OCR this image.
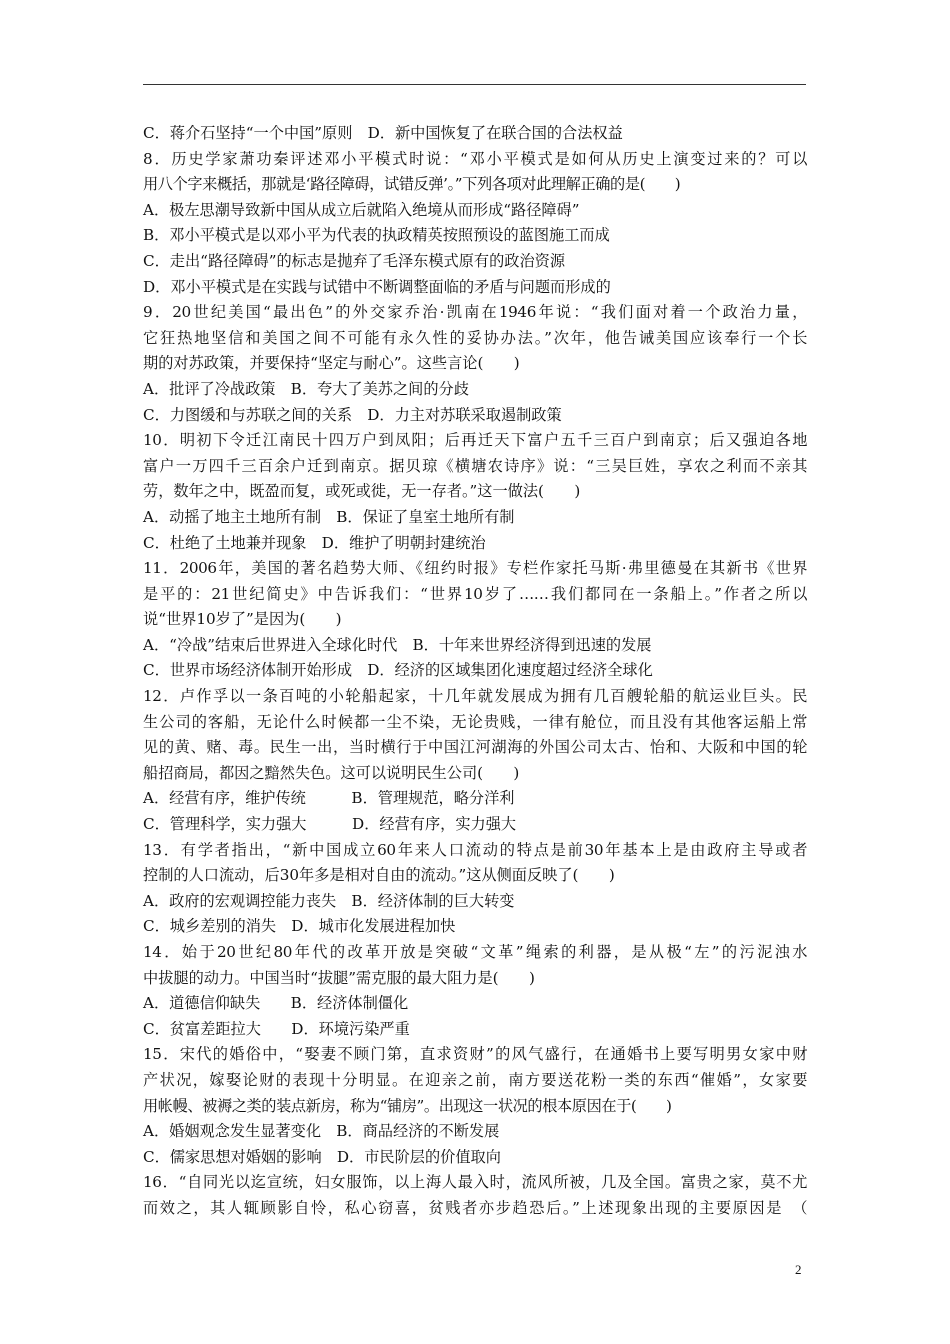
C．蒋介石坚持“一个中国”原则　D．新中国恢复了在联合国的合法权益
8．历史学家萧功秦评述邓小平模式时说：“邓小平模式是如何从历史上演变过来的？可以
用八个字来概括，那就是‘路径障碍，试错反弹’。”下列各项对此理解正确的是(　　)
A．极左思潮导致新中国从成立后就陷入绝境从而形成“路径障碍”
B．邓小平模式是以邓小平为代表的执政精英按照预设的蓝图施工而成
C．走出“路径障碍”的标志是抛弃了毛泽东模式原有的政治资源
D．邓小平模式是在实践与试错中不断调整面临的矛盾与问题而形成的
9．20世纪美国“最出色”的外交家乔治·凯南在1946年说：“我们面对着一个政治力量，
它狂热地坚信和美国之间不可能有永久性的妥协办法。”次年，他告诫美国应该奉行一个长
期的对苏政策，并要保持“坚定与耐心”。这些言论(　　)
A．批评了冷战政策　B．夸大了美苏之间的分歧
C．力图缓和与苏联之间的关系　D．力主对苏联采取遏制政策
10．明初下令迁江南民十四万户到凤阳；后再迁天下富户五千三百户到南京；后又强迫各地
富户一万四千三百余户迁到南京。据贝琼《横塘农诗序》说：“三吴巨姓，享农之利而不亲其
劳，数年之中，既盈而复，或死或徙，无一存者。”这一做法(　　)
A．动摇了地主土地所有制　B．保证了皇室土地所有制
C．杜绝了土地兼并现象　D．维护了明朝封建统治
11．2006年，美国的著名趋势大师、《纽约时报》专栏作家托马斯·弗里德曼在其新书《世界
是平的：21世纪简史》中告诉我们：“世界10岁了……我们都同在一条船上。”作者之所以
说“世界10岁了”是因为(　　)
A．“冷战”结束后世界进入全球化时代　B．十年来世界经济得到迅速的发展
C．世界市场经济体制开始形成　D．经济的区域集团化速度超过经济全球化
12．卢作孚以一条百吨的小轮船起家，十几年就发展成为拥有几百艘轮船的航运业巨头。民
生公司的客船，无论什么时候都一尘不染，无论贵贱，一律有舱位，而且没有其他客运船上常
见的黄、赌、毒。民生一出，当时横行于中国江河湖海的外国公司太古、怡和、大阪和中国的轮
船招商局，都因之黯然失色。这可以说明民生公司(　　)
A．经营有序，维护传统　　　B．管理规范，略分洋利
C．管理科学，实力强大　　　D．经营有序，实力强大
13．有学者指出，“新中国成立60年来人口流动的特点是前30年基本上是由政府主导或者
控制的人口流动，后30年多是相对自由的流动。”这从侧面反映了(　　)
A．政府的宏观调控能力丧失　B．经济体制的巨大转变
C．城乡差别的消失　D．城市化发展进程加快
14．始于20世纪80年代的改革开放是突破“文革”绳索的利器，是从极“左”的污泥浊水
中拔腿的动力。中国当时“拔腿”需克服的最大阻力是(　　)
A．道德信仰缺失　　B．经济体制僵化
C．贫富差距拉大　　D．环境污染严重
15．宋代的婚俗中，“娶妻不顾门第，直求资财”的风气盛行，在通婚书上要写明男女家中财
产状况，嫁娶论财的表现十分明显。在迎亲之前，南方要送花粉一类的东西“催婚”，女家要
用帐幔、被褥之类的装点新房，称为“铺房”。出现这一状况的根本原因在于(　　)
A．婚姻观念发生显著变化　B．商品经济的不断发展
C．儒家思想对婚姻的影响　D．市民阶层的价值取向
16．“自同光以迄宣统，妇女服饰，以上海人最入时，流风所被，几及全国。富贵之家，莫不尤
而效之，其人辄顾影自怜，私心窃喜，贫贱者亦步趋恐后。”上述现象出现的主要原因是　（
2
